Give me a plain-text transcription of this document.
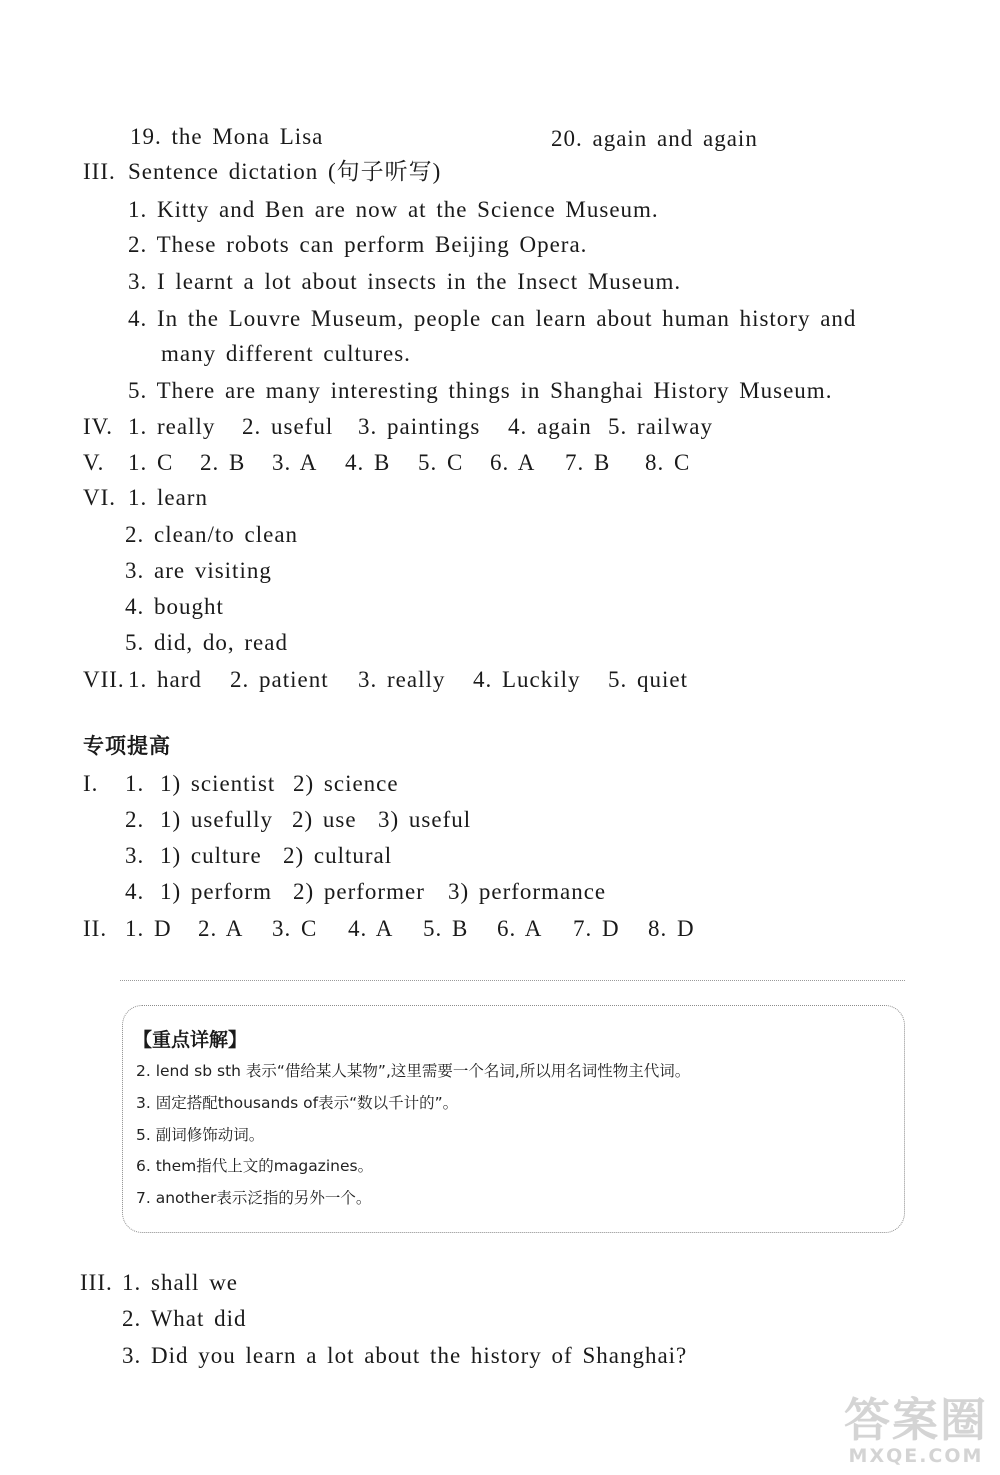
19. the Mona Lisa	20. again and again
III. Sentence dictation (句子听写)
1. Kitty and Ben are now at the Science Museum.
2. These robots can perform Beijing Opera.
3. I learnt a lot about insects in the Insect Museum.
4. In the Louvre Museum, people can learn about human history and
many different cultures.
5. There are many interesting things in Shanghai History Museum.
IV. 1. really	2. useful	3. paintings	4. again 5. railway
V.	1. C	2. B	3. A	4. B	5. C	6. A	7. B	8. C
VI. 1. learn
2. clean/to clean
3. are visiting
4. bought
5. did, do, read
VII. 1. hard	2. patient	3. really	4. Luckily	5. quiet
专项提高
I.	1. 1) scientist 2) science
2. 1) usefully 2) use 3) useful
3. 1) culture 2) cultural
4. 1) perform 2) performer	3) performance
II. 1. D	2. A	3. C	4. A	5. B	6. A	7. D	8. D
【重点详解】
2. lend sb sth 表示“借给某人某物”,这里需要一个名词,所以用名词性物主代词。
3. 固定搭配thousands of表示“数以千计的”。
5. 副词修饰动词。
6. them指代上文的magazines。
7. another表示泛指的另外一个。
III. 1. shall we
2. What did
3. Did you learn a lot about the history of Shanghai?
答案圈
MXQE.COM
